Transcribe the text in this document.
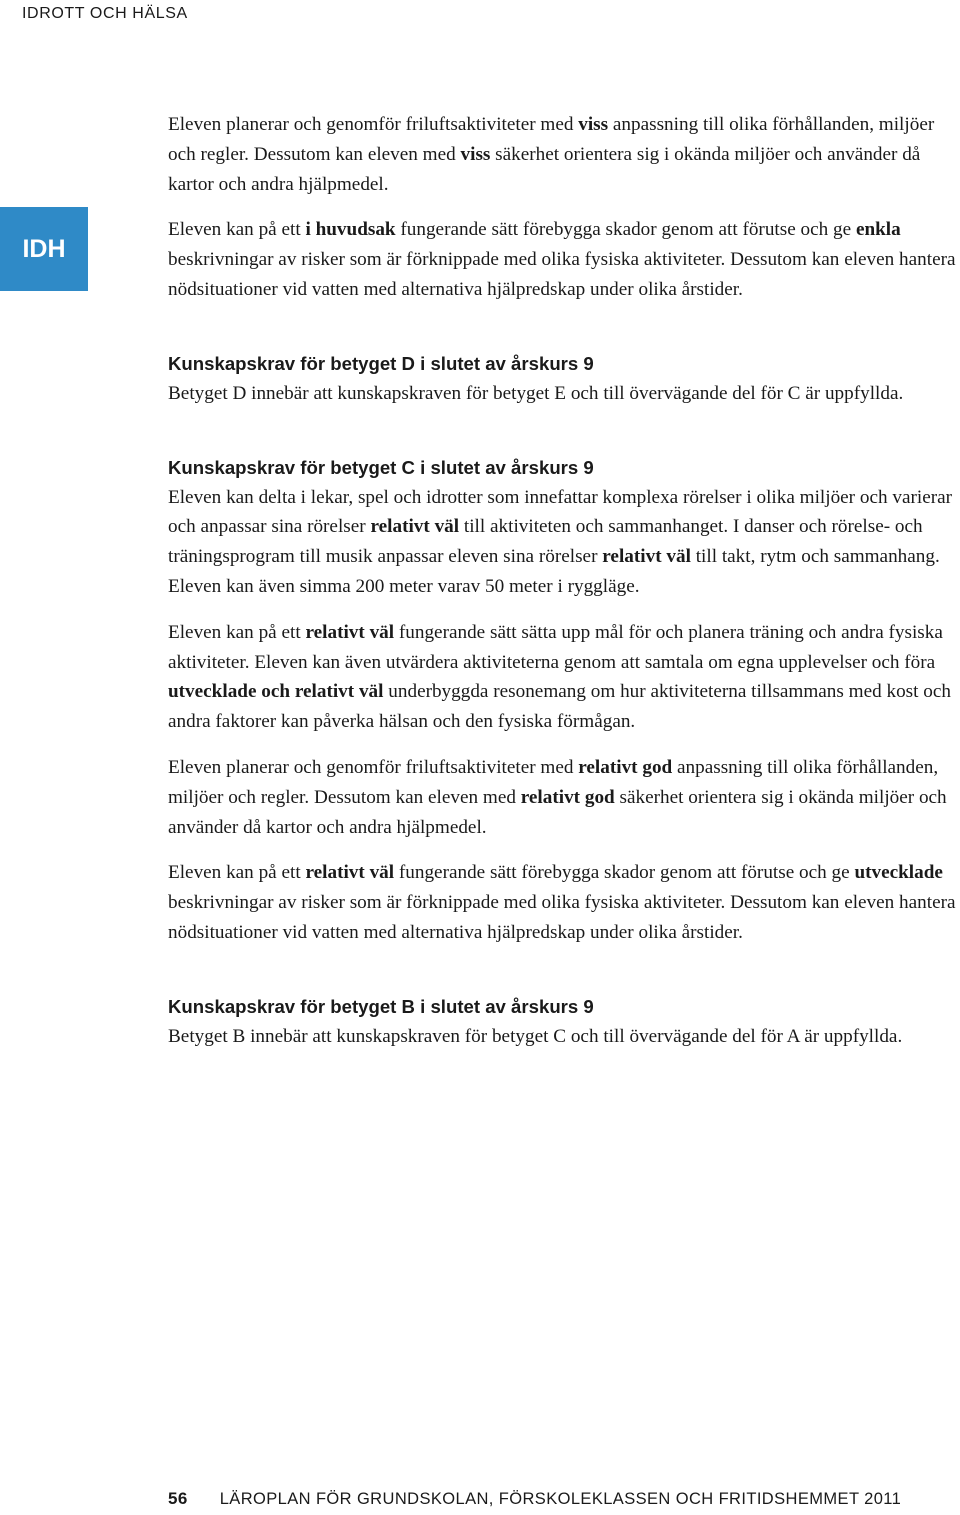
IDROTT OCH HÄLSA
IDH

Eleven planerar och genomför friluftsaktiviteter med viss anpassning till olika förhållanden, miljöer och regler. Dessutom kan eleven med viss säkerhet orientera sig i okända miljöer och använder då kartor och andra hjälpmedel.

Eleven kan på ett i huvudsak fungerande sätt förebygga skador genom att förutse och ge enkla beskrivningar av risker som är förknippade med olika fysiska aktiviteter. Dessutom kan eleven hantera nödsituationer vid vatten med alternativa hjälpredskap under olika årstider.

Kunskapskrav för betyget D i slutet av årskurs 9

Betyget D innebär att kunskapskraven för betyget E och till övervägande del för C är uppfyllda.

Kunskapskrav för betyget C i slutet av årskurs 9

Eleven kan delta i lekar, spel och idrotter som innefattar komplexa rörelser i olika miljöer och varierar och anpassar sina rörelser relativt väl till aktiviteten och sammanhanget. I danser och rörelse- och träningsprogram till musik anpassar eleven sina rörelser relativt väl till takt, rytm och sammanhang. Eleven kan även simma 200 meter varav 50 meter i ryggläge.

Eleven kan på ett relativt väl fungerande sätt sätta upp mål för och planera träning och andra fysiska aktiviteter. Eleven kan även utvärdera aktiviteterna genom att samtala om egna upplevelser och föra utvecklade och relativt väl underbyggda resonemang om hur aktiviteterna tillsammans med kost och andra faktorer kan påverka hälsan och den fysiska förmågan.

Eleven planerar och genomför friluftsaktiviteter med relativt god anpassning till olika förhållanden, miljöer och regler. Dessutom kan eleven med relativt god säkerhet orientera sig i okända miljöer och använder då kartor och andra hjälpmedel.

Eleven kan på ett relativt väl fungerande sätt förebygga skador genom att förutse och ge utvecklade beskrivningar av risker som är förknippade med olika fysiska aktiviteter. Dessutom kan eleven hantera nödsituationer vid vatten med alternativa hjälpredskap under olika årstider.

Kunskapskrav för betyget B i slutet av årskurs 9

Betyget B innebär att kunskapskraven för betyget C och till övervägande del för A är uppfyllda.

56 LÄROPLAN FÖR GRUNDSKOLAN, FÖRSKOLEKLASSEN OCH FRITIDSHEMMET 2011
